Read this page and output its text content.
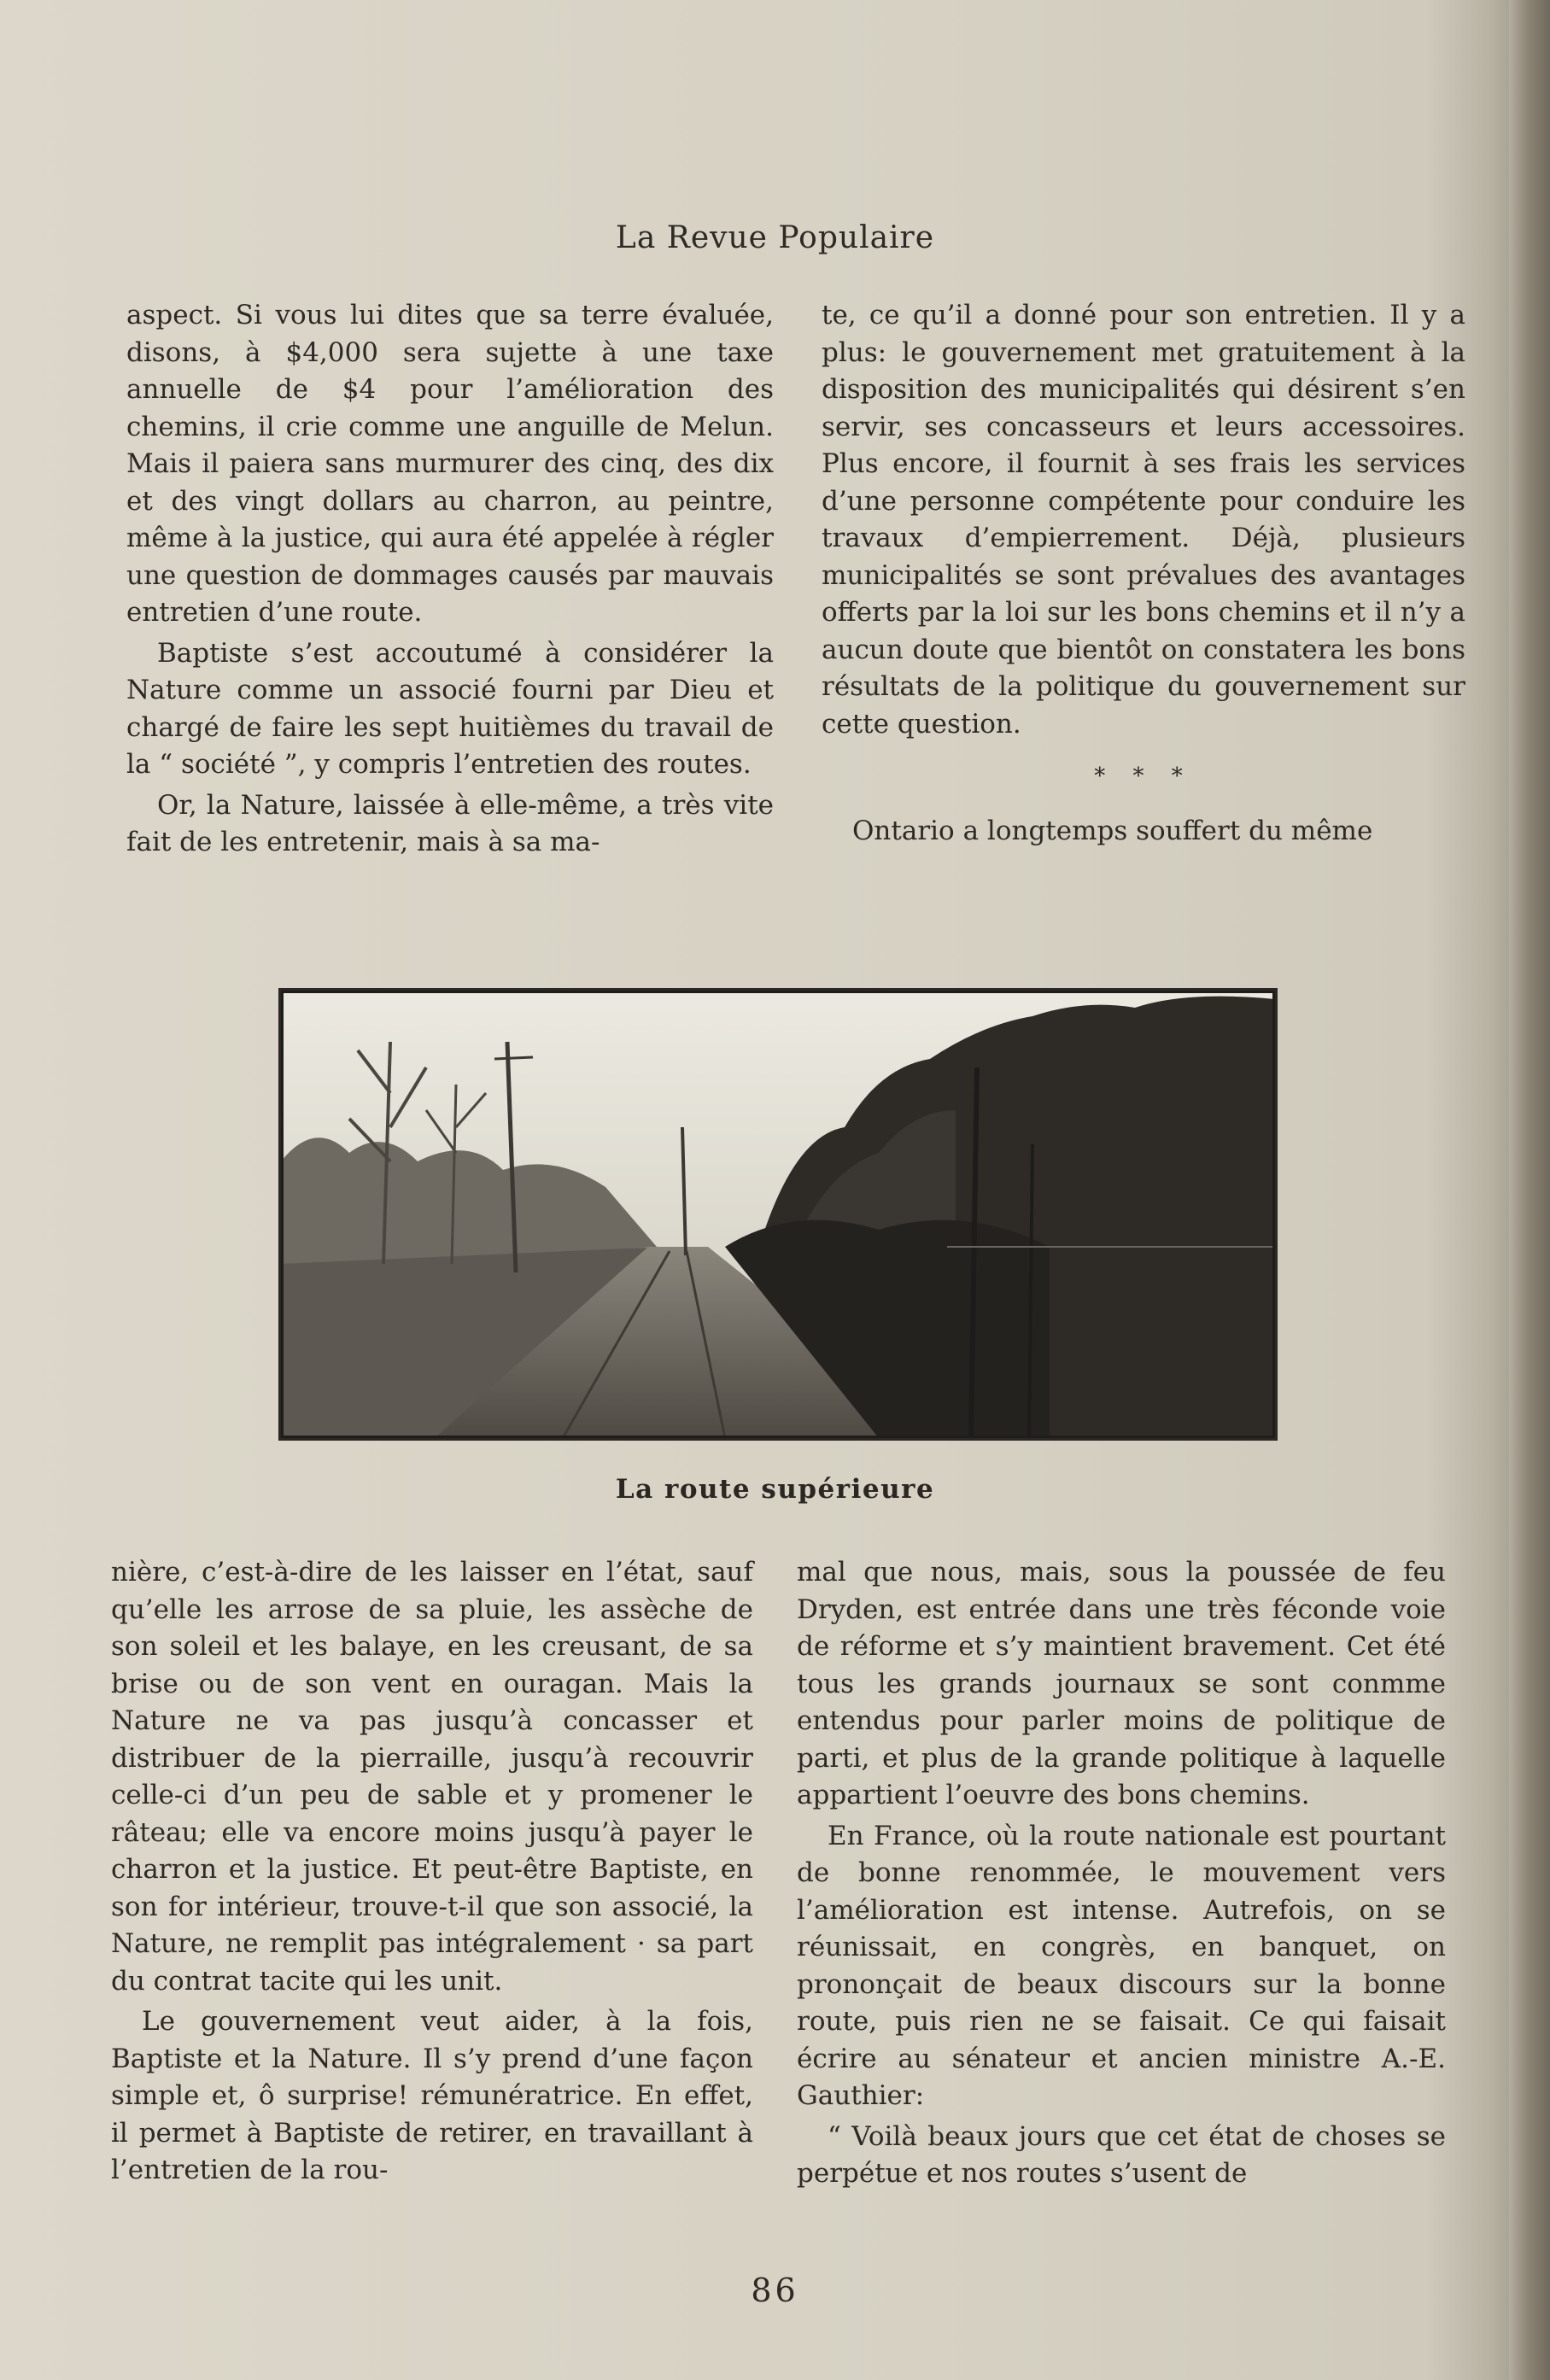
La Revue Populaire

aspect. Si vous lui dites que sa terre évaluée, disons, à $4,000 sera sujette à une taxe annuelle de $4 pour l’amélioration des chemins, il crie comme une anguille de Melun. Mais il paiera sans murmurer des cinq, des dix et des vingt dollars au charron, au peintre, même à la justice, qui aura été appelée à régler une question de dommages causés par mauvais entretien d’une route.

Baptiste s’est accoutumé à considérer la Nature comme un associé fourni par Dieu et chargé de faire les sept huitièmes du travail de la “ société ”, y compris l’entretien des routes.

Or, la Nature, laissée à elle-même, a très vite fait de les entretenir, mais à sa ma-

te, ce qu’il a donné pour son entretien. Il y a plus: le gouvernement met gratuitement à la disposition des municipalités qui désirent s’en servir, ses concasseurs et leurs accessoires. Plus encore, il fournit à ses frais les services d’une personne compétente pour conduire les travaux d’empierrement. Déjà, plusieurs municipalités se sont prévalues des avantages offerts par la loi sur les bons chemins et il n’y a aucun doute que bientôt on constatera les bons résultats de la politique du gouvernement sur cette question.

* * *

Ontario a longtemps souffert du même

La route supérieure

nière, c’est-à-dire de les laisser en l’état, sauf qu’elle les arrose de sa pluie, les assèche de son soleil et les balaye, en les creusant, de sa brise ou de son vent en ouragan. Mais la Nature ne va pas jusqu’à concasser et distribuer de la pierraille, jusqu’à recouvrir celle-ci d’un peu de sable et y promener le râteau; elle va encore moins jusqu’à payer le charron et la justice. Et peut-être Baptiste, en son for intérieur, trouve-t-il que son associé, la Nature, ne remplit pas intégralement · sa part du contrat tacite qui les unit.

Le gouvernement veut aider, à la fois, Baptiste et la Nature. Il s’y prend d’une façon simple et, ô surprise! rémunératrice. En effet, il permet à Baptiste de retirer, en travaillant à l’entretien de la rou-

mal que nous, mais, sous la poussée de feu Dryden, est entrée dans une très féconde voie de réforme et s’y maintient bravement. Cet été tous les grands journaux se sont conmme entendus pour parler moins de politique de parti, et plus de la grande politique à laquelle appartient l’oeuvre des bons chemins.

En France, où la route nationale est pourtant de bonne renommée, le mouvement vers l’amélioration est intense. Autrefois, on se réunissait, en congrès, en banquet, on prononçait de beaux discours sur la bonne route, puis rien ne se faisait. Ce qui faisait écrire au sénateur et ancien ministre A.-E. Gauthier:

“ Voilà beaux jours que cet état de choses se perpétue et nos routes s’usent de

86
